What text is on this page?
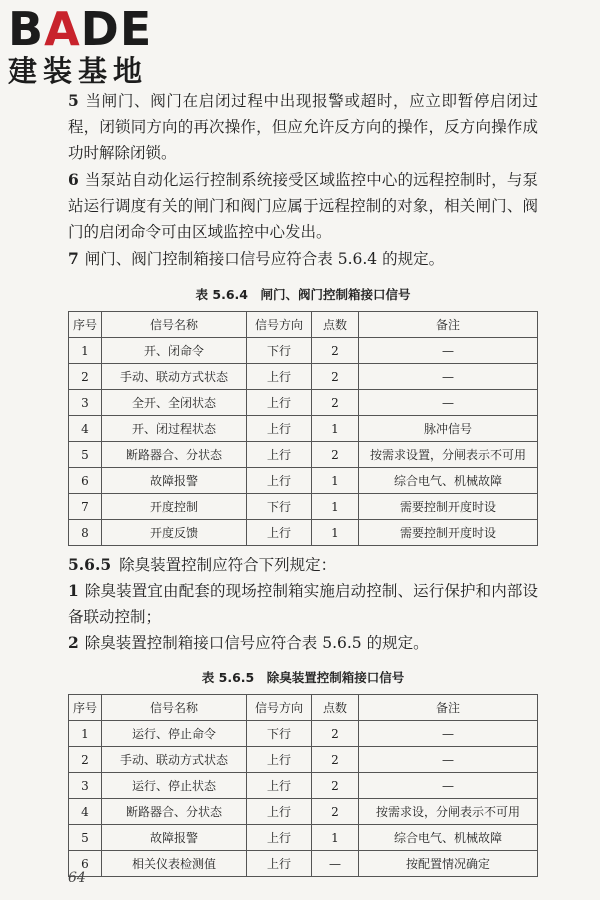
BADE
建装基地
5 当闸门、阀门在启闭过程中出现报警或超时，应立即暂停启闭过程，闭锁同方向的再次操作，但应允许反方向的操作，反方向操作成功时解除闭锁。
6 当泵站自动化运行控制系统接受区域监控中心的远程控制时，与泵站运行调度有关的闸门和阀门应属于远程控制的对象，相关闸门、阀门的启闭命令可由区域监控中心发出。
7 闸门、阀门控制箱接口信号应符合表 5.6.4 的规定。
表 5.6.4　闸门、阀门控制箱接口信号
序号	信号名称	信号方向	点数	备注
1	开、闭命令	下行	2	—
2	手动、联动方式状态	上行	2	—
3	全开、全闭状态	上行	2	—
4	开、闭过程状态	上行	1	脉冲信号
5	断路器合、分状态	上行	2	按需求设置，分闸表示不可用
6	故障报警	上行	1	综合电气、机械故障
7	开度控制	下行	1	需要控制开度时设
8	开度反馈	上行	1	需要控制开度时设
5.6.5 除臭装置控制应符合下列规定：
1 除臭装置宜由配套的现场控制箱实施启动控制、运行保护和内部设备联动控制；
2 除臭装置控制箱接口信号应符合表 5.6.5 的规定。
表 5.6.5　除臭装置控制箱接口信号
序号	信号名称	信号方向	点数	备注
1	运行、停止命令	下行	2	—
2	手动、联动方式状态	上行	2	—
3	运行、停止状态	上行	2	—
4	断路器合、分状态	上行	2	按需求设，分闸表示不可用
5	故障报警	上行	1	综合电气、机械故障
6	相关仪表检测值	上行	—	按配置情况确定
64
